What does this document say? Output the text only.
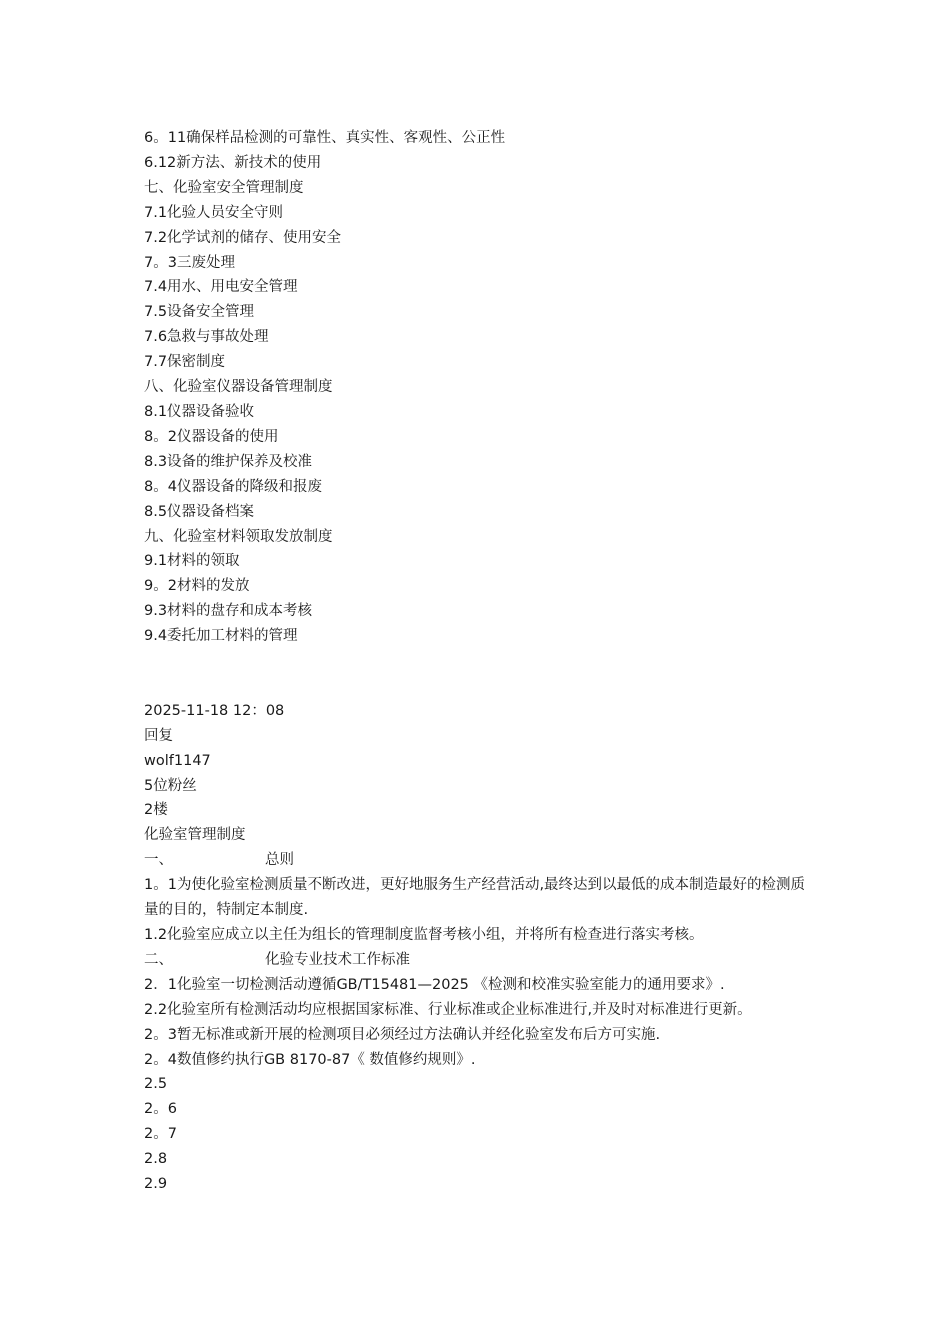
6。11确保样品检测的可靠性、真实性、客观性、公正性
6.12新方法、新技术的使用
七、化验室安全管理制度
7.1化验人员安全守则
7.2化学试剂的储存、使用安全
7。3三废处理
7.4用水、用电安全管理
7.5设备安全管理
7.6急救与事故处理
7.7保密制度
八、化验室仪器设备管理制度
8.1仪器设备验收
8。2仪器设备的使用
8.3设备的维护保养及校准
8。4仪器设备的降级和报废
8.5仪器设备档案
九、化验室材料领取发放制度
9.1材料的领取
9。2材料的发放
9.3材料的盘存和成本考核
9.4委托加工材料的管理
2025-11-18 12：08
回复
wolf1147
5位粉丝
2楼
化验室管理制度
一、	总则
1。1为使化验室检测质量不断改进，更好地服务生产经营活动,最终达到以最低的成本制造最好的检测质量的目的，特制定本制度.
1.2化验室应成立以主任为组长的管理制度监督考核小组，并将所有检查进行落实考核。
二、	化验专业技术工作标准
2．1化验室一切检测活动遵循GB/T15481—2025 《检测和校准实验室能力的通用要求》.
2.2化验室所有检测活动均应根据国家标准、行业标准或企业标准进行,并及时对标准进行更新。
2。3暂无标准或新开展的检测项目必须经过方法确认并经化验室发布后方可实施.
2。4数值修约执行GB 8170-87《 数值修约规则》.
2.5
2。6
2。7
2.8
2.9
